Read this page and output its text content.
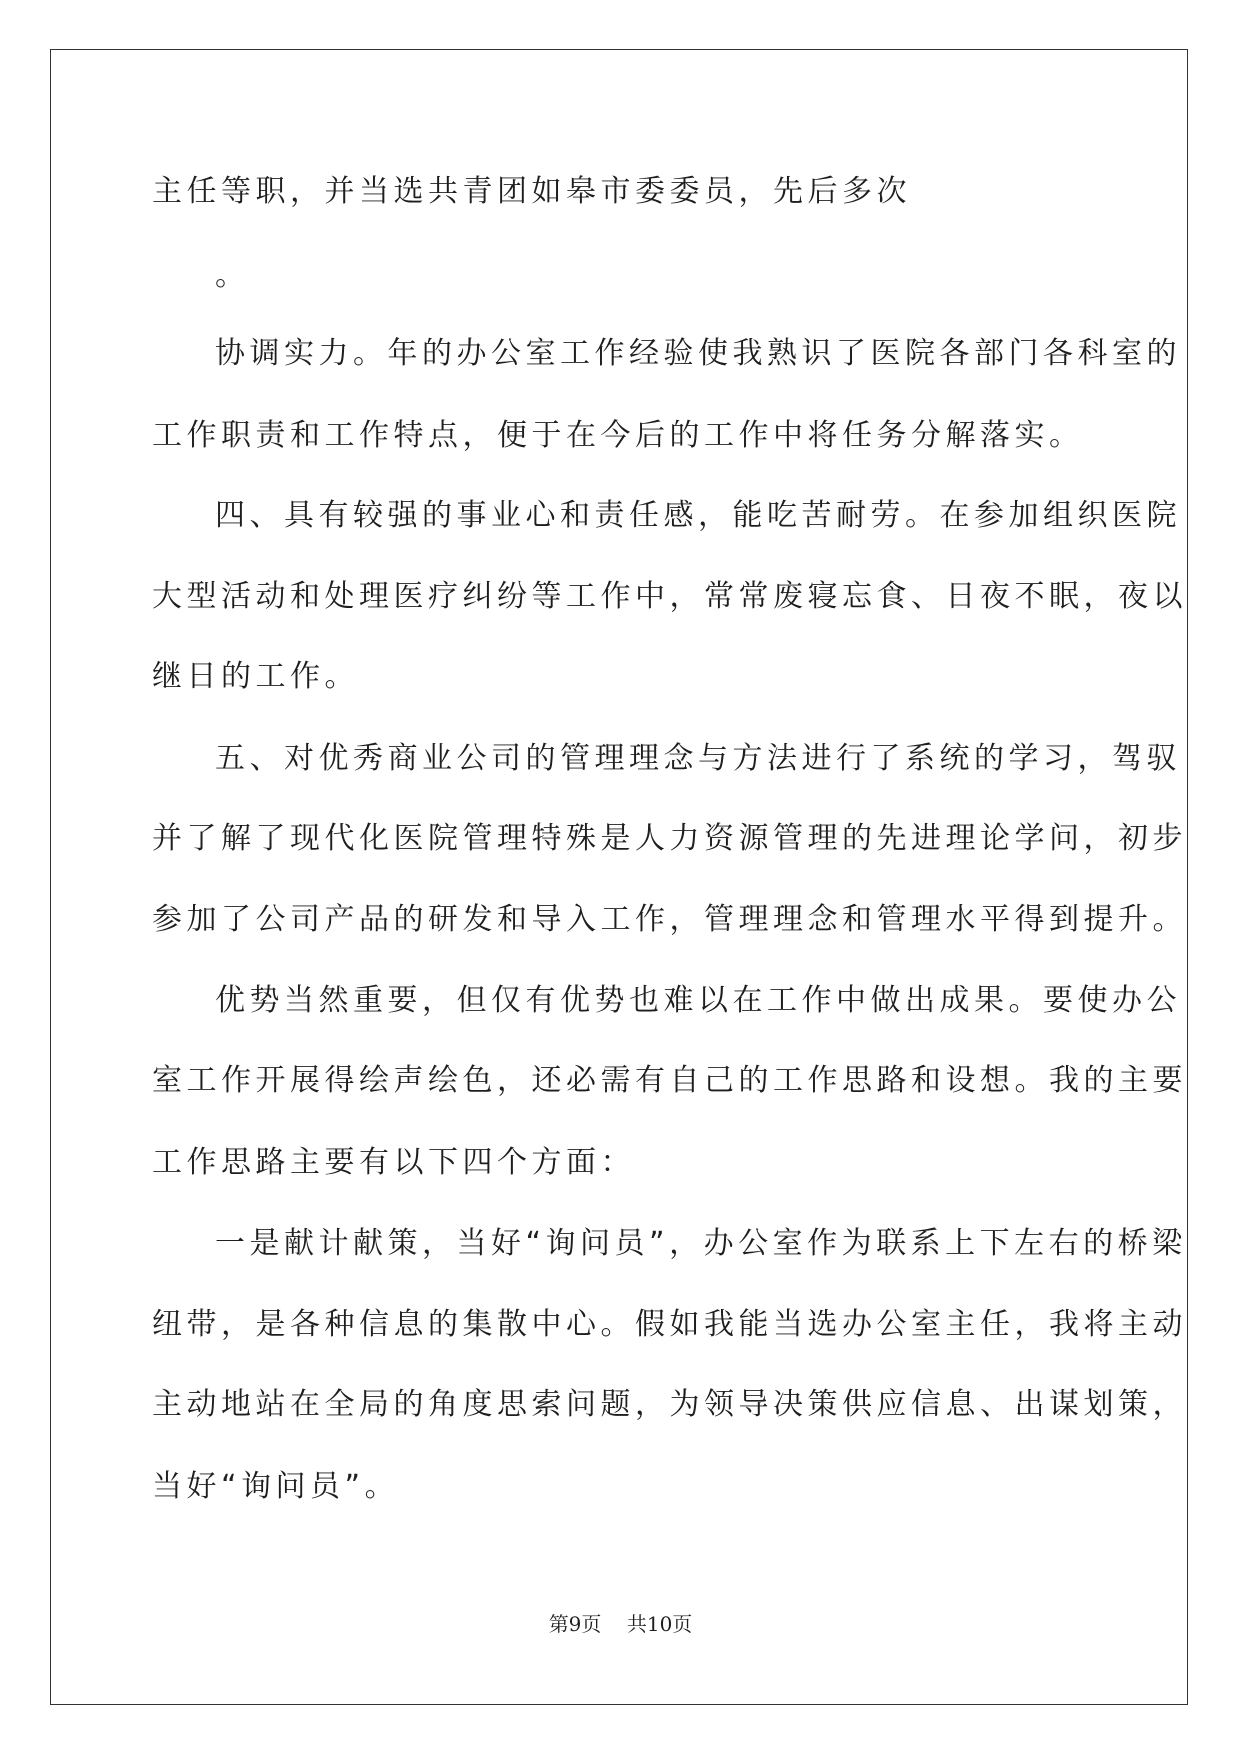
主任等职，并当选共青团如皋市委委员，先后多次
。
协调实力。年的办公室工作经验使我熟识了医院各部门各科室的
工作职责和工作特点，便于在今后的工作中将任务分解落实。
四、具有较强的事业心和责任感，能吃苦耐劳。在参加组织医院
大型活动和处理医疗纠纷等工作中，常常废寝忘食、日夜不眠，夜以
继日的工作。
五、对优秀商业公司的管理理念与方法进行了系统的学习，驾驭
并了解了现代化医院管理特殊是人力资源管理的先进理论学问，初步
参加了公司产品的研发和导入工作，管理理念和管理水平得到提升。
优势当然重要，但仅有优势也难以在工作中做出成果。要使办公
室工作开展得绘声绘色，还必需有自己的工作思路和设想。我的主要
工作思路主要有以下四个方面：
一是献计献策，当好“询问员”，办公室作为联系上下左右的桥梁
纽带，是各种信息的集散中心。假如我能当选办公室主任，我将主动
主动地站在全局的角度思索问题，为领导决策供应信息、出谋划策，
当好“询问员”。
第9页 共10页
